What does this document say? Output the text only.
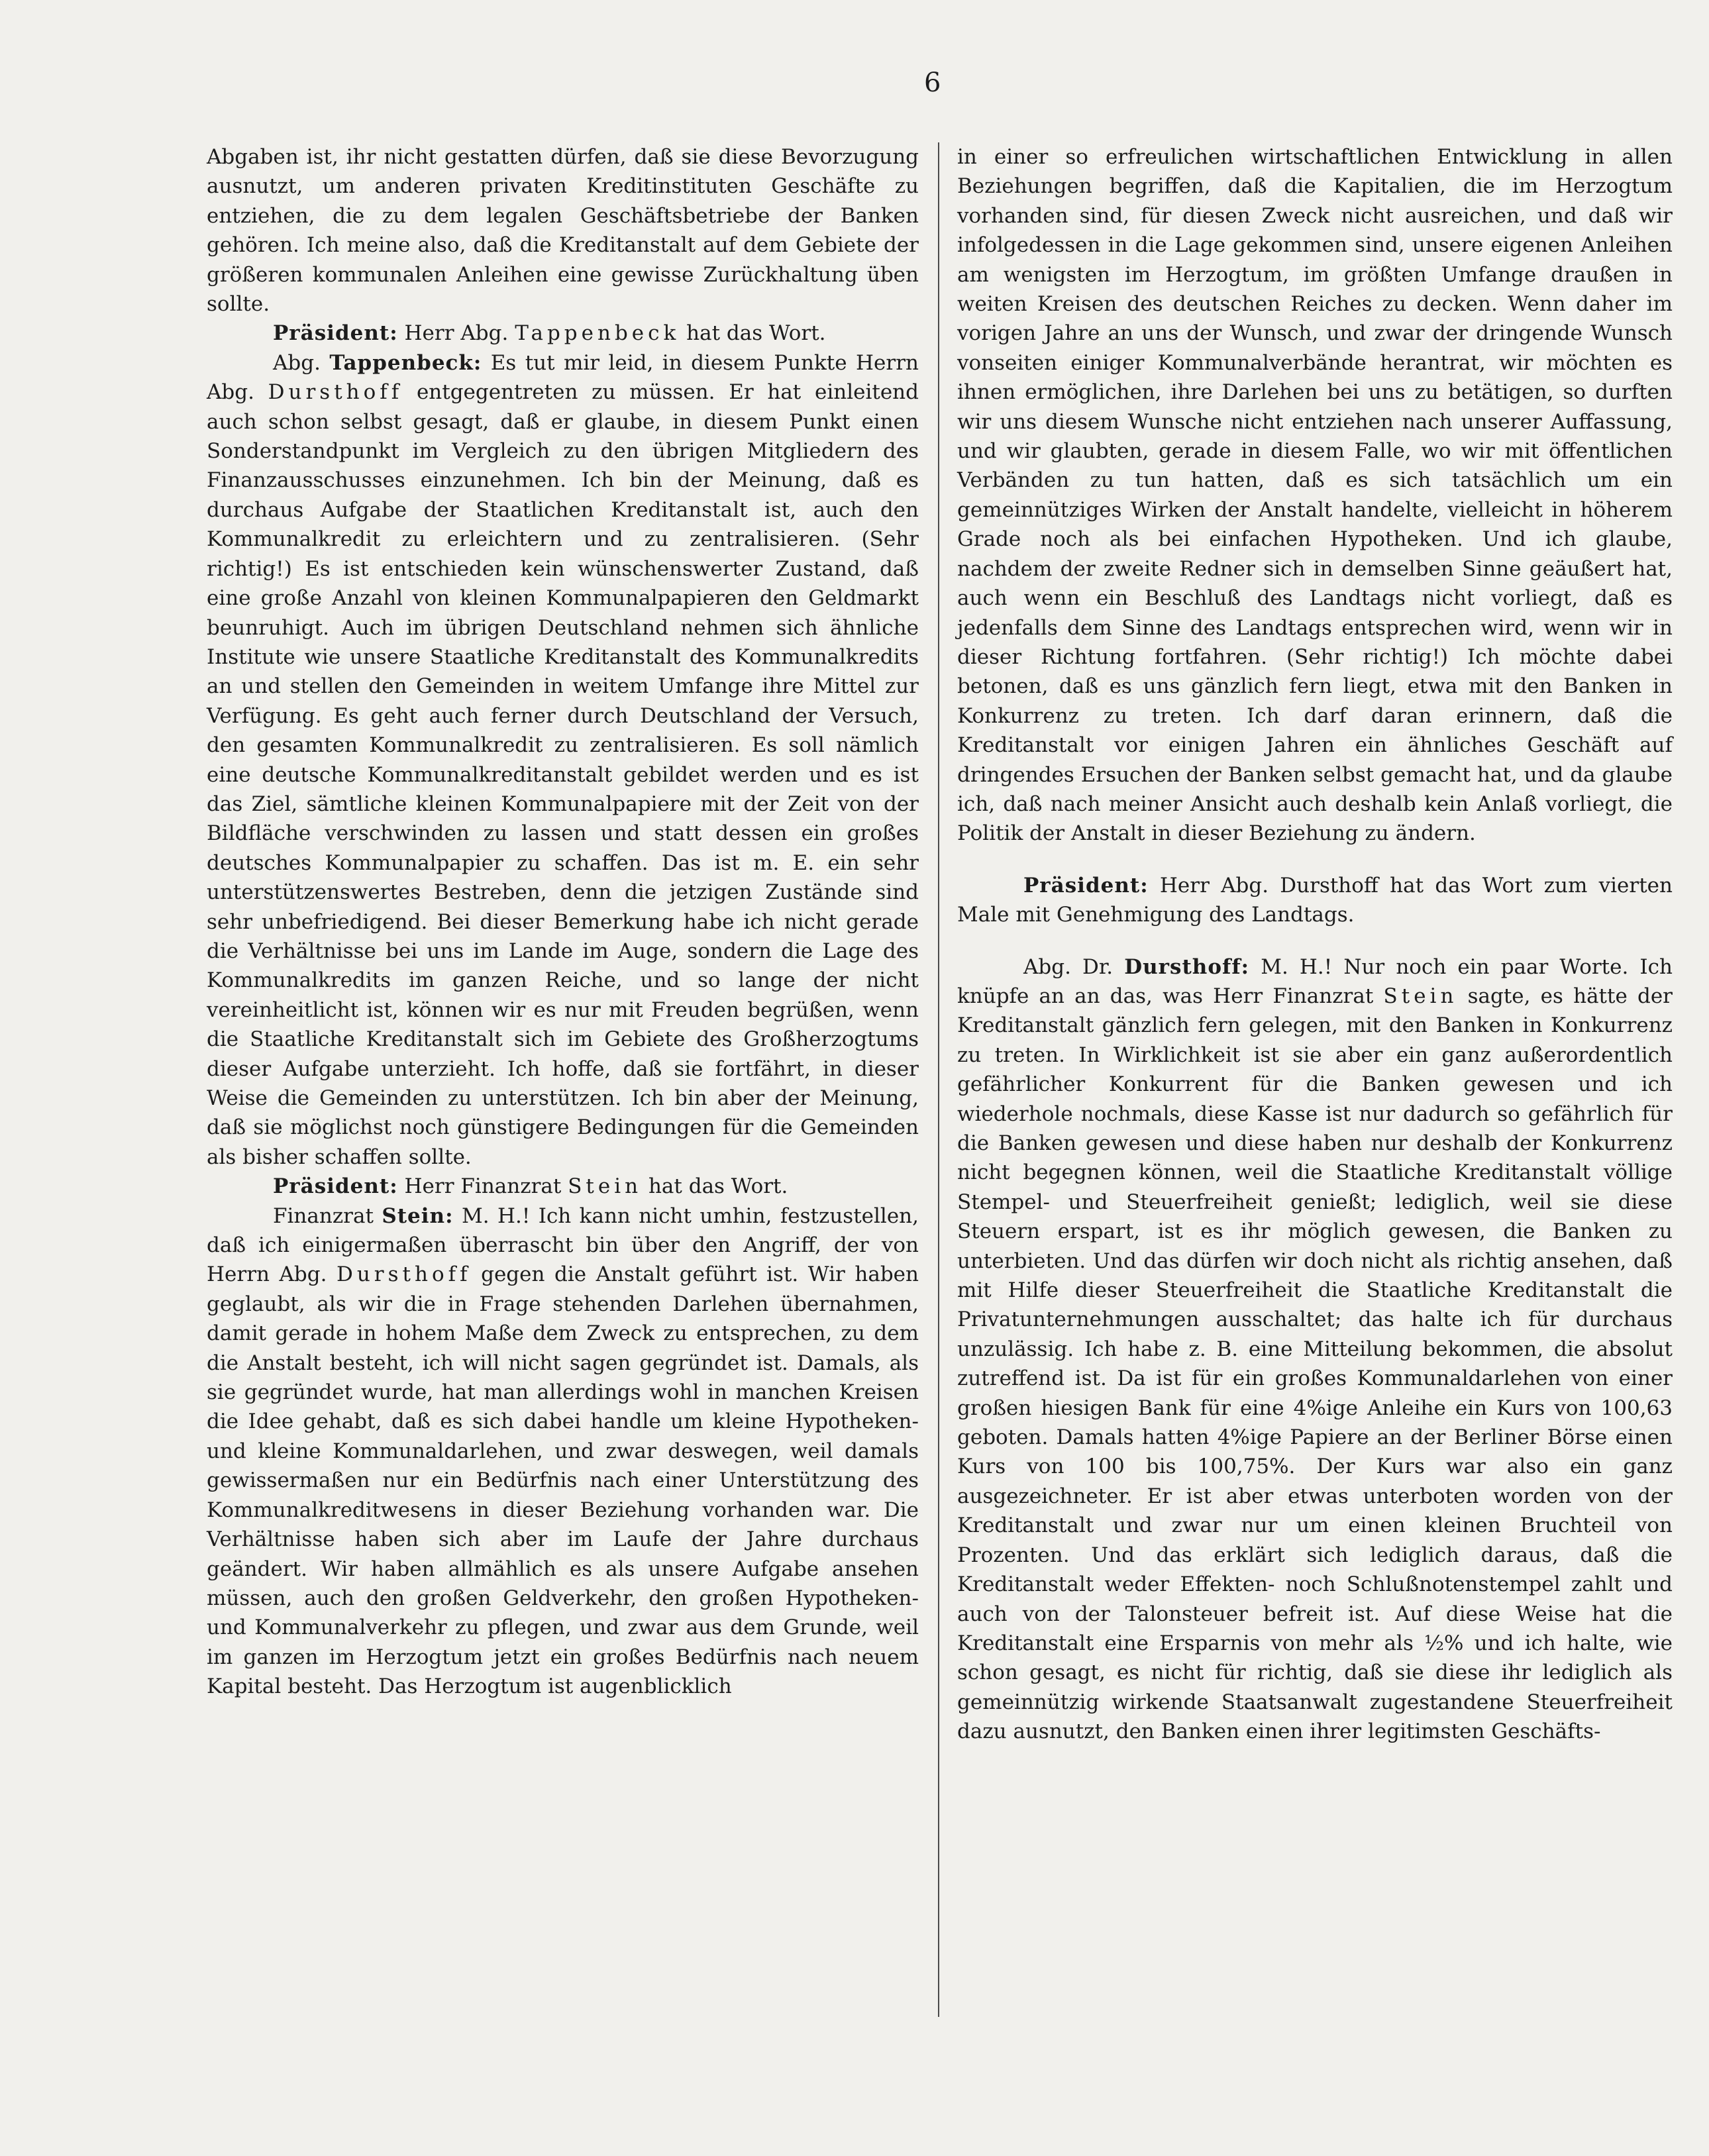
6

Abgaben ist, ihr nicht gestatten dürfen, daß sie diese Bevorzugung ausnutzt, um anderen privaten Kreditinstituten Geschäfte zu entziehen, die zu dem legalen Geschäftsbetriebe der Banken gehören. Ich meine also, daß die Kreditanstalt auf dem Gebiete der größeren kommunalen Anleihen eine gewisse Zurückhaltung üben sollte.

Präsident: Herr Abg. Tappenbeck hat das Wort.

Abg. Tappenbeck: Es tut mir leid, in diesem Punkte Herrn Abg. Dursthoff entgegentreten zu müssen. Er hat einleitend auch schon selbst gesagt, daß er glaube, in diesem Punkt einen Sonderstandpunkt im Vergleich zu den übrigen Mitgliedern des Finanzausschusses einzunehmen. Ich bin der Meinung, daß es durchaus Aufgabe der Staatlichen Kreditanstalt ist, auch den Kommunalkredit zu erleichtern und zu zentralisieren. (Sehr richtig!) Es ist entschieden kein wünschenswerter Zustand, daß eine große Anzahl von kleinen Kommunalpapieren den Geldmarkt beunruhigt. Auch im übrigen Deutschland nehmen sich ähnliche Institute wie unsere Staatliche Kreditanstalt des Kommunalkredits an und stellen den Gemeinden in weitem Umfange ihre Mittel zur Verfügung. Es geht auch ferner durch Deutschland der Versuch, den gesamten Kommunalkredit zu zentralisieren. Es soll nämlich eine deutsche Kommunalkreditanstalt gebildet werden und es ist das Ziel, sämtliche kleinen Kommunalpapiere mit der Zeit von der Bildfläche verschwinden zu lassen und statt dessen ein großes deutsches Kommunalpapier zu schaffen. Das ist m. E. ein sehr unterstützenswertes Bestreben, denn die jetzigen Zustände sind sehr unbefriedigend. Bei dieser Bemerkung habe ich nicht gerade die Verhältnisse bei uns im Lande im Auge, sondern die Lage des Kommunalkredits im ganzen Reiche, und so lange der nicht vereinheitlicht ist, können wir es nur mit Freuden begrüßen, wenn die Staatliche Kreditanstalt sich im Gebiete des Großherzogtums dieser Aufgabe unterzieht. Ich hoffe, daß sie fortfährt, in dieser Weise die Gemeinden zu unterstützen. Ich bin aber der Meinung, daß sie möglichst noch günstigere Bedingungen für die Gemeinden als bisher schaffen sollte.

Präsident: Herr Finanzrat Stein hat das Wort.

Finanzrat Stein: M. H.! Ich kann nicht umhin, festzustellen, daß ich einigermaßen überrascht bin über den Angriff, der von Herrn Abg. Dursthoff gegen die Anstalt geführt ist. Wir haben geglaubt, als wir die in Frage stehenden Darlehen übernahmen, damit gerade in hohem Maße dem Zweck zu entsprechen, zu dem die Anstalt besteht, ich will nicht sagen gegründet ist. Damals, als sie gegründet wurde, hat man allerdings wohl in manchen Kreisen die Idee gehabt, daß es sich dabei handle um kleine Hypotheken- und kleine Kommunaldarlehen, und zwar deswegen, weil damals gewissermaßen nur ein Bedürfnis nach einer Unterstützung des Kommunalkreditwesens in dieser Beziehung vorhanden war. Die Verhältnisse haben sich aber im Laufe der Jahre durchaus geändert. Wir haben allmählich es als unsere Aufgabe ansehen müssen, auch den großen Geldverkehr, den großen Hypotheken- und Kommunalverkehr zu pflegen, und zwar aus dem Grunde, weil im ganzen im Herzogtum jetzt ein großes Bedürfnis nach neuem Kapital besteht. Das Herzogtum ist augenblicklich

in einer so erfreulichen wirtschaftlichen Entwicklung in allen Beziehungen begriffen, daß die Kapitalien, die im Herzogtum vorhanden sind, für diesen Zweck nicht ausreichen, und daß wir infolgedessen in die Lage gekommen sind, unsere eigenen Anleihen am wenigsten im Herzogtum, im größten Umfange draußen in weiten Kreisen des deutschen Reiches zu decken. Wenn daher im vorigen Jahre an uns der Wunsch, und zwar der dringende Wunsch vonseiten einiger Kommunalverbände herantrat, wir möchten es ihnen ermöglichen, ihre Darlehen bei uns zu betätigen, so durften wir uns diesem Wunsche nicht entziehen nach unserer Auffassung, und wir glaubten, gerade in diesem Falle, wo wir mit öffentlichen Verbänden zu tun hatten, daß es sich tatsächlich um ein gemeinnütziges Wirken der Anstalt handelte, vielleicht in höherem Grade noch als bei einfachen Hypotheken. Und ich glaube, nachdem der zweite Redner sich in demselben Sinne geäußert hat, auch wenn ein Beschluß des Landtags nicht vorliegt, daß es jedenfalls dem Sinne des Landtags entsprechen wird, wenn wir in dieser Richtung fortfahren. (Sehr richtig!) Ich möchte dabei betonen, daß es uns gänzlich fern liegt, etwa mit den Banken in Konkurrenz zu treten. Ich darf daran erinnern, daß die Kreditanstalt vor einigen Jahren ein ähnliches Geschäft auf dringendes Ersuchen der Banken selbst gemacht hat, und da glaube ich, daß nach meiner Ansicht auch deshalb kein Anlaß vorliegt, die Politik der Anstalt in dieser Beziehung zu ändern.

Präsident: Herr Abg. Dursthoff hat das Wort zum vierten Male mit Genehmigung des Landtags.

Abg. Dr. Dursthoff: M. H.! Nur noch ein paar Worte. Ich knüpfe an an das, was Herr Finanzrat Stein sagte, es hätte der Kreditanstalt gänzlich fern gelegen, mit den Banken in Konkurrenz zu treten. In Wirklichkeit ist sie aber ein ganz außerordentlich gefährlicher Konkurrent für die Banken gewesen und ich wiederhole nochmals, diese Kasse ist nur dadurch so gefährlich für die Banken gewesen und diese haben nur deshalb der Konkurrenz nicht begegnen können, weil die Staatliche Kreditanstalt völlige Stempel- und Steuerfreiheit genießt; lediglich, weil sie diese Steuern erspart, ist es ihr möglich gewesen, die Banken zu unterbieten. Und das dürfen wir doch nicht als richtig ansehen, daß mit Hilfe dieser Steuerfreiheit die Staatliche Kreditanstalt die Privatunternehmungen ausschaltet; das halte ich für durchaus unzulässig. Ich habe z. B. eine Mitteilung bekommen, die absolut zutreffend ist. Da ist für ein großes Kommunaldarlehen von einer großen hiesigen Bank für eine 4%ige Anleihe ein Kurs von 100,63 geboten. Damals hatten 4%ige Papiere an der Berliner Börse einen Kurs von 100 bis 100,75%. Der Kurs war also ein ganz ausgezeichneter. Er ist aber etwas unterboten worden von der Kreditanstalt und zwar nur um einen kleinen Bruchteil von Prozenten. Und das erklärt sich lediglich daraus, daß die Kreditanstalt weder Effekten- noch Schlußnotenstempel zahlt und auch von der Talonsteuer befreit ist. Auf diese Weise hat die Kreditanstalt eine Ersparnis von mehr als ½% und ich halte, wie schon gesagt, es nicht für richtig, daß sie diese ihr lediglich als gemeinnützig wirkende Staatsanwalt zugestandene Steuerfreiheit dazu ausnutzt, den Banken einen ihrer legitimsten Geschäfts-
